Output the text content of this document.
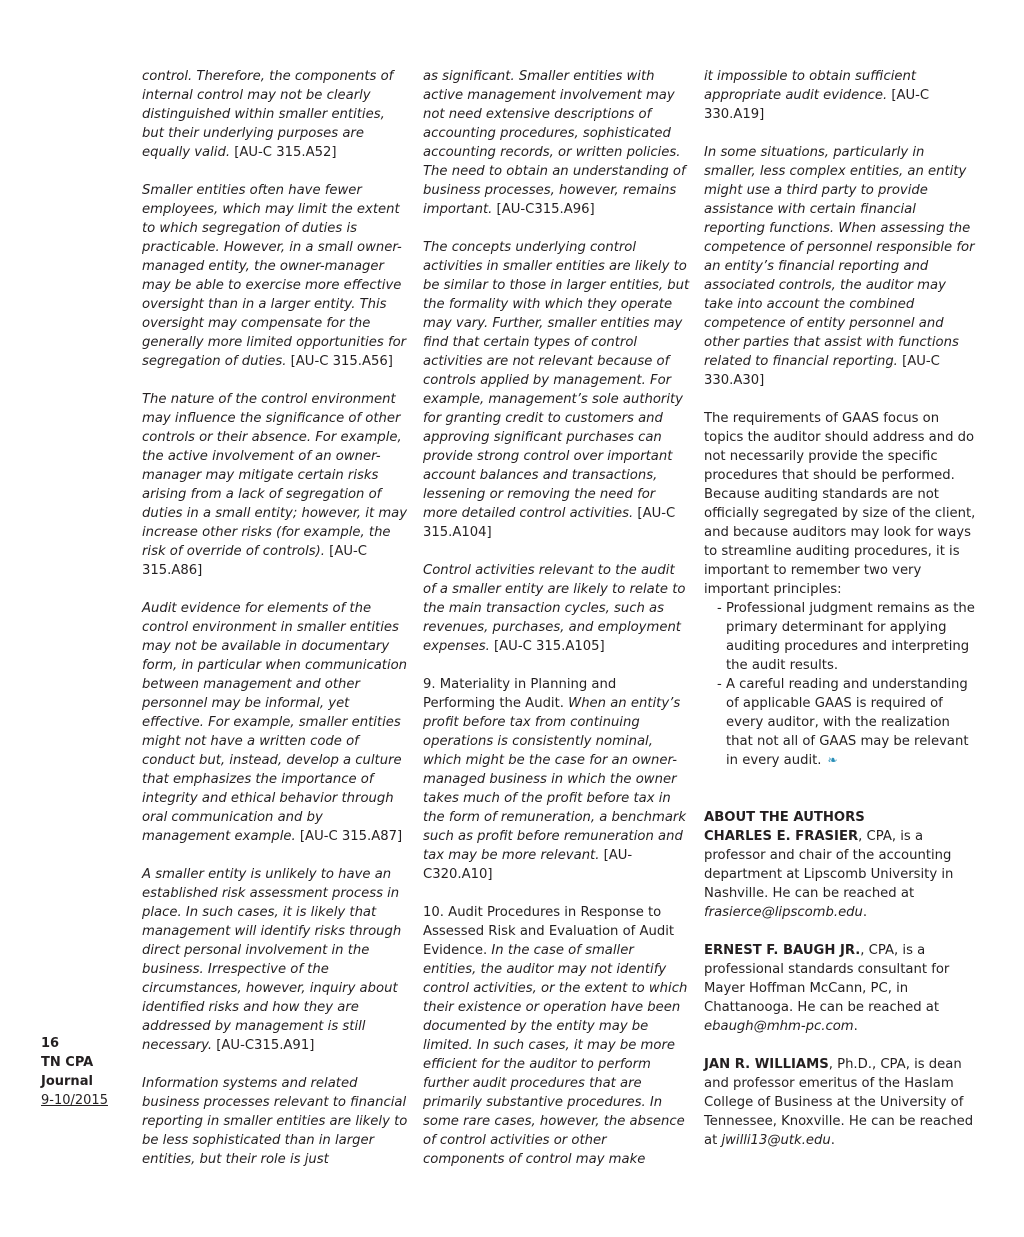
control. Therefore, the components of internal control may not be clearly distinguished within smaller entities, but their underlying purposes are equally valid. [AU-C 315.A52]

Smaller entities often have fewer employees, which may limit the extent to which segregation of duties is practicable. However, in a small owner-managed entity, the owner-manager may be able to exercise more effective oversight than in a larger entity. This oversight may compensate for the generally more limited opportunities for segregation of duties. [AU-C 315.A56]

The nature of the control environment may influence the significance of other controls or their absence. For example, the active involvement of an owner-manager may mitigate certain risks arising from a lack of segregation of duties in a small entity; however, it may increase other risks (for example, the risk of override of controls). [AU-C 315.A86]

Audit evidence for elements of the control environment in smaller entities may not be available in documentary form, in particular when communication between management and other personnel may be informal, yet effective. For example, smaller entities might not have a written code of conduct but, instead, develop a culture that emphasizes the importance of integrity and ethical behavior through oral communication and by management example. [AU-C 315.A87]

A smaller entity is unlikely to have an established risk assessment process in place. In such cases, it is likely that management will identify risks through direct personal involvement in the business. Irrespective of the circumstances, however, inquiry about identified risks and how they are addressed by management is still necessary. [AU-C315.A91]

Information systems and related business processes relevant to financial reporting in smaller entities are likely to be less sophisticated than in larger entities, but their role is just

as significant. Smaller entities with active management involvement may not need extensive descriptions of accounting procedures, sophisticated accounting records, or written policies. The need to obtain an understanding of business processes, however, remains important. [AU-C315.A96]

The concepts underlying control activities in smaller entities are likely to be similar to those in larger entities, but the formality with which they operate may vary. Further, smaller entities may find that certain types of control activities are not relevant because of controls applied by management. For example, management’s sole authority for granting credit to customers and approving significant purchases can provide strong control over important account balances and transactions, lessening or removing the need for more detailed control activities. [AU-C 315.A104]

Control activities relevant to the audit of a smaller entity are likely to relate to the main transaction cycles, such as revenues, purchases, and employment expenses. [AU-C 315.A105]

9. Materiality in Planning and Performing the Audit. When an entity’s profit before tax from continuing operations is consistently nominal, which might be the case for an owner-managed business in which the owner takes much of the profit before tax in the form of remuneration, a benchmark such as profit before remuneration and tax may be more relevant. [AU-C320.A10]

10. Audit Procedures in Response to Assessed Risk and Evaluation of Audit Evidence. In the case of smaller entities, the auditor may not identify control activities, or the extent to which their existence or operation have been documented by the entity may be limited. In such cases, it may be more efficient for the auditor to perform further audit procedures that are primarily substantive procedures. In some rare cases, however, the absence of control activities or other components of control may make

it impossible to obtain sufficient appropriate audit evidence. [AU-C 330.A19]

In some situations, particularly in smaller, less complex entities, an entity might use a third party to provide assistance with certain financial reporting functions. When assessing the competence of personnel responsible for an entity’s financial reporting and associated controls, the auditor may take into account the combined competence of entity personnel and other parties that assist with functions related to financial reporting. [AU-C 330.A30]

The requirements of GAAS focus on topics the auditor should address and do not necessarily provide the specific procedures that should be performed. Because auditing standards are not officially segregated by size of the client, and because auditors may look for ways to streamline auditing procedures, it is important to remember two very important principles:

- Professional judgment remains as the primary determinant for applying auditing procedures and interpreting the audit results.
- A careful reading and understanding of applicable GAAS is required of every auditor, with the realization that not all of GAAS may be relevant in every audit. ❧
ABOUT THE AUTHORS

CHARLES E. FRASIER, CPA, is a professor and chair of the accounting department at Lipscomb University in Nashville. He can be reached at frasierce@lipscomb.edu.

ERNEST F. BAUGH JR., CPA, is a professional standards consultant for Mayer Hoffman McCann, PC, in Chattanooga. He can be reached at ebaugh@mhm-pc.com.

JAN R. WILLIAMS, Ph.D., CPA, is dean and professor emeritus of the Haslam College of Business at the University of Tennessee, Knoxville. He can be reached at jwilli13@utk.edu.

16
TN CPA
Journal
9-10/2015
